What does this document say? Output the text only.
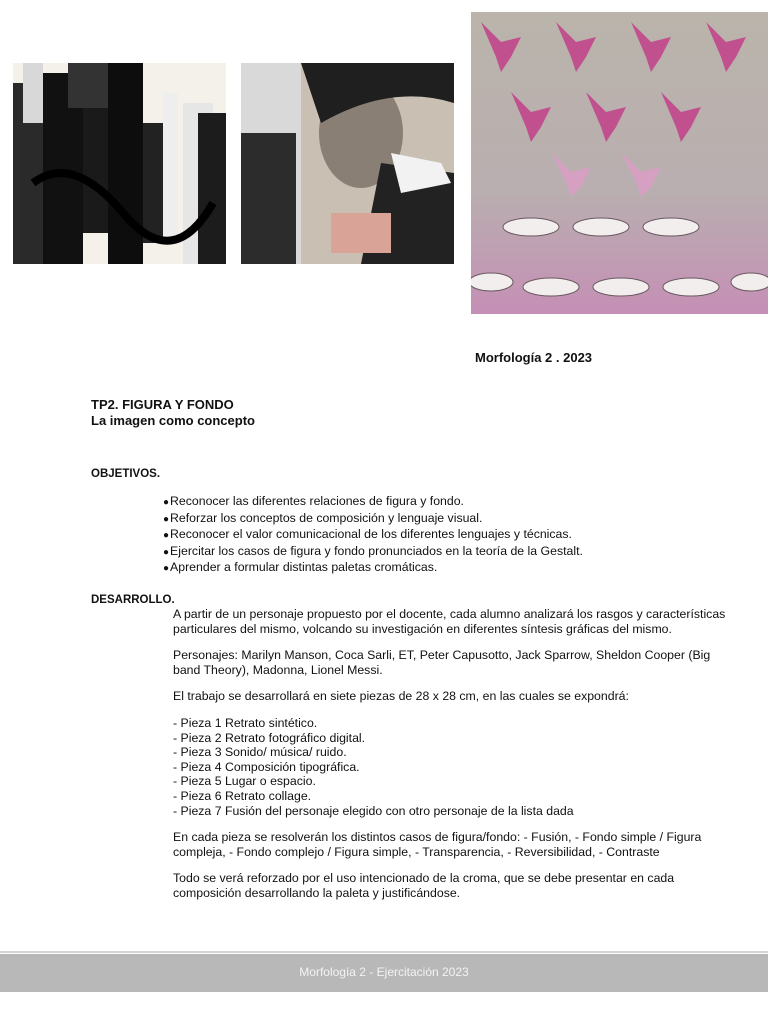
Morfología 2 . 2023
TP2. FIGURA Y FONDO
La imagen como concepto
OBJETIVOS.
● Reconocer las diferentes relaciones de figura y fondo.
● Reforzar los conceptos de composición y lenguaje visual.
● Reconocer el valor comunicacional de los diferentes lenguajes y técnicas.
● Ejercitar los casos de figura y fondo pronunciados en la teoría de la Gestalt.
● Aprender a formular distintas paletas cromáticas.
DESARROLLO.

A partir de un personaje propuesto por el docente, cada alumno analizará los rasgos y características particulares del mismo, volcando su investigación en diferentes síntesis gráficas del mismo.

Personajes: Marilyn Manson, Coca Sarli, ET, Peter Capusotto, Jack Sparrow, Sheldon Cooper (Big band Theory), Madonna, Lionel Messi.

El trabajo se desarrollará en siete piezas de 28 x 28 cm, en las cuales se expondrá:

- Pieza 1 Retrato sintético.
- Pieza 2 Retrato fotográfico digital.
- Pieza 3 Sonido/ música/ ruido.
- Pieza 4 Composición tipográfica.
- Pieza 5 Lugar o espacio.
- Pieza 6 Retrato collage.
- Pieza 7 Fusión del personaje elegido con otro personaje de la lista dada

En cada pieza se resolverán los distintos casos de figura/fondo: - Fusión, - Fondo simple / Figura compleja, - Fondo complejo / Figura simple, - Transparencia, - Reversibilidad, - Contraste

Todo se verá reforzado por el uso intencionado de la croma, que se debe presentar en cada composición desarrollando la paleta y justificándose.

Morfología 2 - Ejercitación 2023
